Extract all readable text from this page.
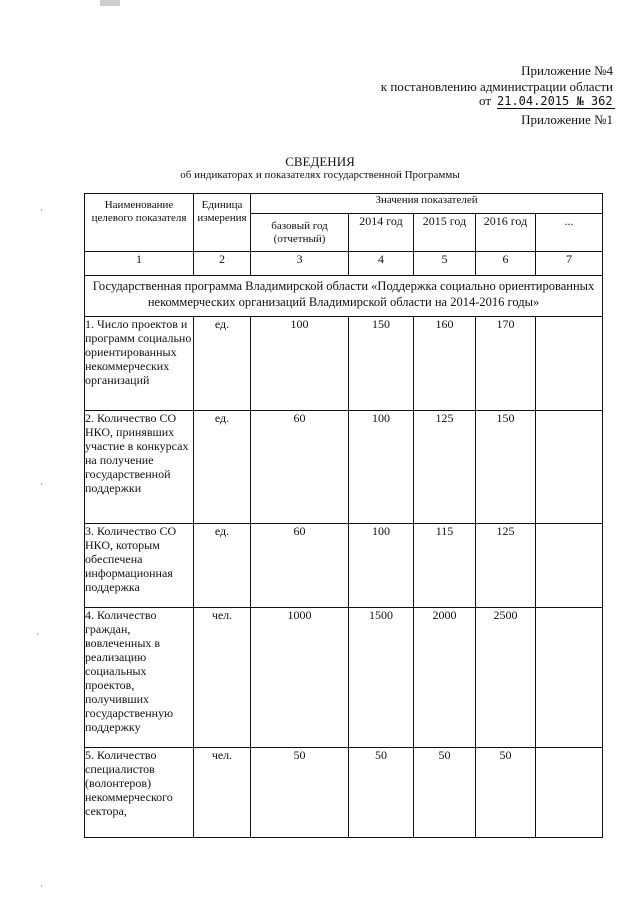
·
·
·
·
Приложение №4
к постановлению администрации области
от 21.04.2015 № 362
Приложение №1
СВЕДЕНИЯ
об индикаторах и показателях государственной Программы
Наименование целевого показателя	Единица измерения	Значения показателей				
		базовый год (отчетный)	2014 год	2015 год	2016 год	...
1	2	3	4	5	6	7
Государственная программа Владимирской области «Поддержка социально ориентированных некоммерческих организаций Владимирской области на 2014-2016 годы»						
1. Число проектов и программ социально ориентированных некоммерческих организаций	ед.	100	150	160	170	
2. Количество СО НКО, принявших участие в конкурсах на получение государственной поддержки	ед.	60	100	125	150	
3. Количество СО НКО, которым обеспечена информационная поддержка	ед.	60	100	115	125	
4. Количество граждан, вовлеченных в реализацию социальных проектов, получивших государственную поддержку	чел.	1000	1500	2000	2500	
5. Количество специалистов (волонтеров) некоммерческого сектора,	чел.	50	50	50	50	
